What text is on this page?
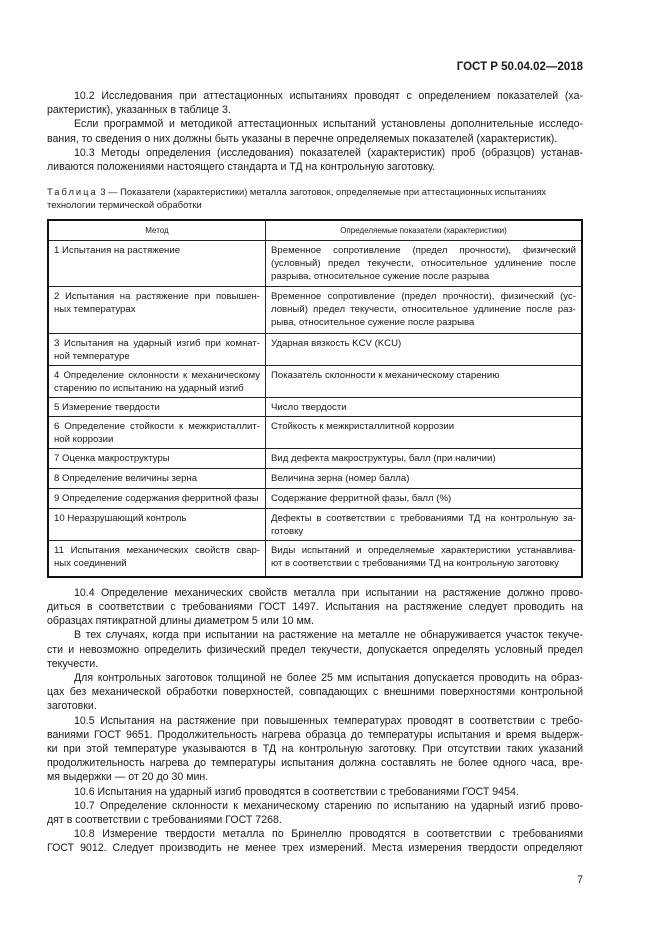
ГОСТ Р 50.04.02—2018
10.2 Исследования при аттестационных испытаниях проводят с определением показателей (ха-
рактеристик), указанных в таблице 3.
Если программой и методикой аттестационных испытаний установлены дополнительные исследо-
вания, то сведения о них должны быть указаны в перечне определяемых показателей (характеристик).
10.3 Методы определения (исследования) показателей (характеристик) проб (образцов) устанав-
ливаются положениями настоящего стандарта и ТД на контрольную заготовку.
Таблица 3 — Показатели (характеристики) металла заготовок, определяемые при аттестационных испытаниях
технологии термической обработки
Метод	Определяемые показатели (характеристики)

1 Испытания на растяжение	Временное сопротивление (предел прочности), физический
(условный) предел текучести, относительное удлинение после
разрыва, относительное сужение после разрыва

2 Испытания на растяжение при повышен-
ных температурах	Временное сопротивление (предел прочности), физический (ус-
ловный) предел текучести, относительное удлинение после раз-
рыва, относительное сужение после разрыва

3 Испытания на ударный изгиб при комнат-
ной температуре	Ударная вязкость KCV (KCU)

4 Определение склонности к механическому
старению по испытанию на ударный изгиб	Показатель склонности к механическому старению

5 Измерение твердости	Число твердости

6 Определение стойкости к межкристаллит-
ной коррозии	Стойкость к межкристаллитной коррозии

7 Оценка макроструктуры	Вид дефекта макроструктуры, балл (при наличии)

8 Определение величины зерна	Величина зерна (номер балла)

9 Определение содержания ферритной фазы	Содержание ферритной фазы, балл (%)

10 Неразрушающий контроль	Дефекты в соответствии с требованиями ТД на контрольную за-
готовку

11 Испытания механических свойств свар-
ных соединений	Виды испытаний и определяемые характеристики устанавлива-
ют в соответствии с требованиями ТД на контрольную заготовку
10.4 Определение механических свойств металла при испытании на растяжение должно прово-
диться в соответствии с требованиями ГОСТ 1497. Испытания на растяжение следует проводить на
образцах пятикратной длины диаметром 5 или 10 мм.
В тех случаях, когда при испытании на растяжение на металле не обнаруживается участок текуче-
сти и невозможно определить физический предел текучести, допускается определять условный предел
текучести.
Для контрольных заготовок толщиной не более 25 мм испытания допускается проводить на образ-
цах без механической обработки поверхностей, совпадающих с внешними поверхностями контрольной
заготовки.
10.5 Испытания на растяжение при повышенных температурах проводят в соответствии с требо-
ваниями ГОСТ 9651. Продолжительность нагрева образца до температуры испытания и время выдерж-
ки при этой температуре указываются в ТД на контрольную заготовку. При отсутствии таких указаний
продолжительность нагрева до температуры испытания должна составлять не более одного часа, вре-
мя выдержки — от 20 до 30 мин.
10.6 Испытания на ударный изгиб проводятся в соответствии с требованиями ГОСТ 9454.
10.7 Определение склонности к механическому старению по испытанию на ударный изгиб прово-
дят в соответствии с требованиями ГОСТ 7268.
10.8 Измерение твердости металла по Бринеллю проводятся в соответствии с требованиями
ГОСТ 9012. Следует производить не менее трех измерений. Места измерения твердости определяют
7
